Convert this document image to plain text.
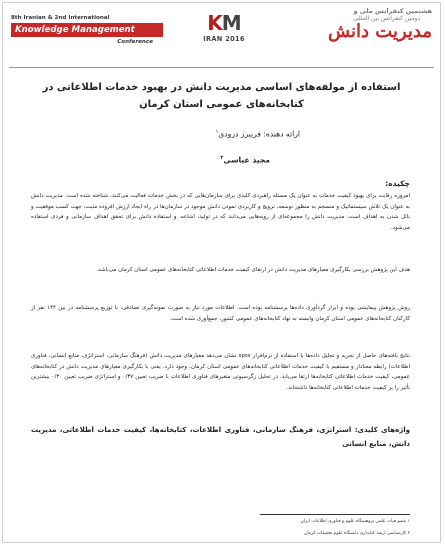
8th Iranian & 2nd International
Knowledge Management
Conference
KM
IRAN 2016
هشتمین کنفرانس ملی و
دومین کنفرانس بین المللی
مدیریت دانش
استفاده از مولفه‌های اساسی مدیریت دانش در بهبود خدمات اطلاعاتی در کتابخانه‌های عمومی استان کرمان
ارائه دهنده: فریبرز درودی$^۱$
مجید عباسی$^۲$
چکیده:
امروزه رقابت برای بهبود کیفیت خدمات به عنوان یک مسئله راهبردی کلیدی برای سازمان‌هایی که در بخش خدمات فعالیت می‌کنند، شناخته شده است. مدیریت دانش به عنوان یک تلاش سیستماتیک و منسجم به منظور توسعه، ترویج و کاربردی نمودن دانش موجود در سازمان‌ها در راه ایجاد ارزش افزوده مثبت، جهت کسب موفقیت و نائل شدن به اهداف است. مدیریت دانش را مجموعه‌ای از رویه‌هایی می‌دانند که در تولید، اشاعه، و استفاده دانش برای تحقق اهداف سازمانی و فردی استفاده می‌شود.
هدف این پژوهش بررسی بکارگیری معیارهای مدیریت دانش در ارتقای کیفیت خدمات اطلاعاتی کتابخانه‌های عمومی استان کرمان می‌باشد.
روش پژوهش پیمایشی بوده و ابزار گردآوری داده‌ها پرسشنامه بوده است. اطلاعات مورد نیاز به صورت نمونه‌گیری تصادفی، با توزیع پرسشنامه در بین ۱۴۴ نفر از کارکنان کتابخانه‌های عمومی استان کرمان وابسته به نهاد کتابخانه‌های عمومی کشور، جمع‌آوری شده است.
نتایج یافته‌های حاصل از تجزیه و تحلیل داده‌ها با استفاده از نرم‌افزار spss نشان می‌دهد معیارهای مدیریت دانش (فرهنگ سازمانی، استراتژی، منابع انسانی، فناوری اطلاعات) رابطه معنادار و مستقیم با کیفیت خدمات اطلاعاتی کتابخانه‌های عمومی استان کرمان، وجود دارد. یعنی با بکارگیری معیارهای مدیریت دانش در کتابخانه‌های عمومی، کیفیت خدمات اطلاعاتی کتابخانه‌ها ارتقا می‌یابد. در تحلیل رگرسیونی متغیرهای فناوری اطلاعات با ضریب تعیین ۰/۳۷ و استراتژی ضریب تعیین ۰/۳۰ بیشترین تأثیر را بر کیفیت خدمات اطلاعاتی کتابخانه‌ها داشته‌اند.
واژه‌های کلیدی: استراتژی، فرهنگ سازمانی، فناوری اطلاعات، کتابخانه‌ها، کیفیت خدمات اطلاعاتی، مدیریت دانش، منابع انسانی
۱ عضو هیات علمی پژوهشگاه علوم و فناوری اطلاعات ایران
۲ کارشناسی ارشد کتابداری دانشگاه علوم تحقیقات کرمان
